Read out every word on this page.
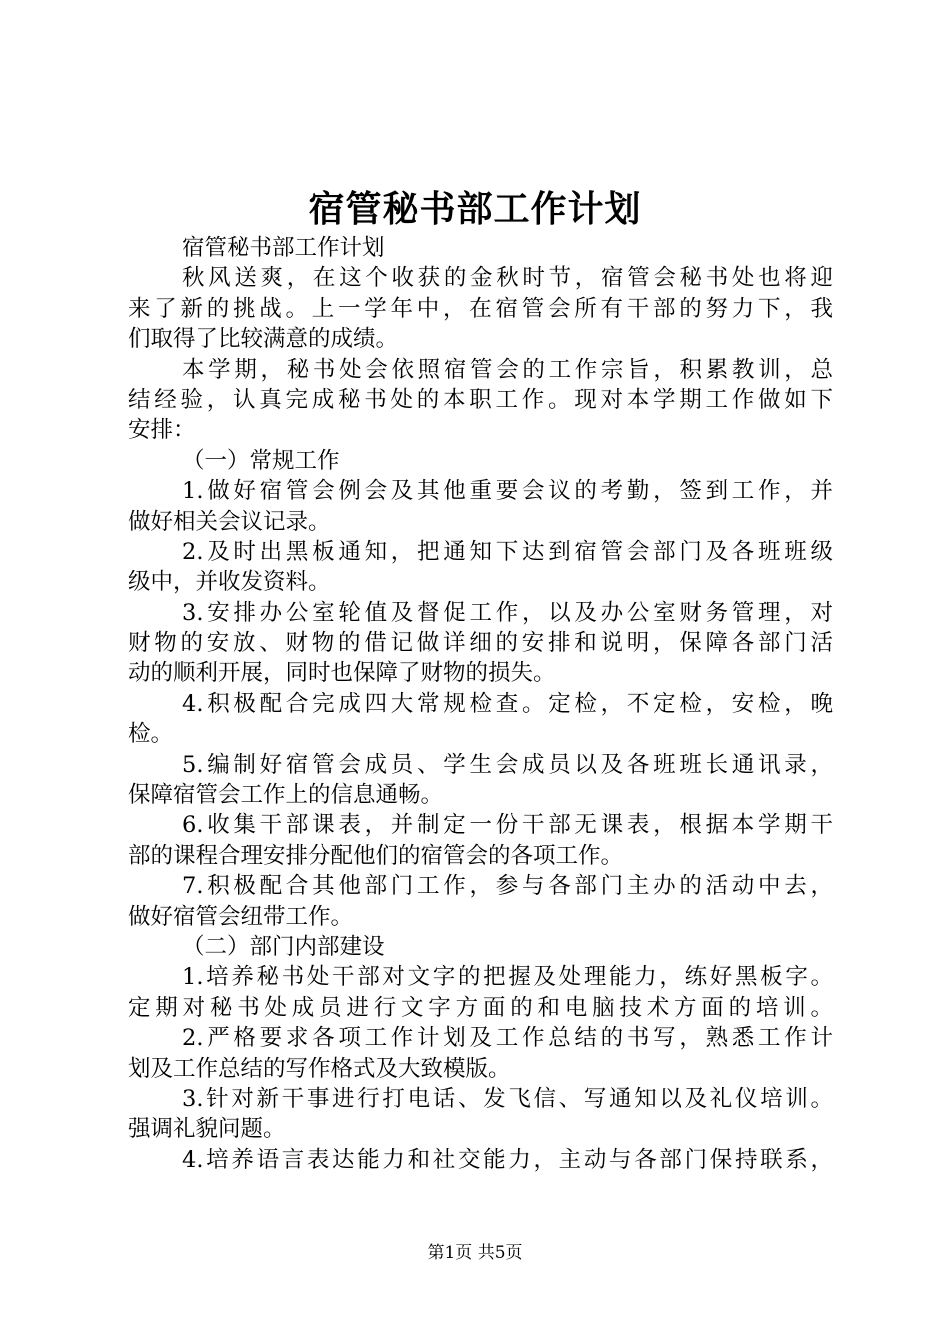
宿管秘书部工作计划
宿管秘书部工作计划
秋风送爽，在这个收获的金秋时节，宿管会秘书处也将迎
来了新的挑战。上一学年中，在宿管会所有干部的努力下，我
们取得了比较满意的成绩。
本学期，秘书处会依照宿管会的工作宗旨，积累教训，总
结经验，认真完成秘书处的本职工作。现对本学期工作做如下
安排：
（一）常规工作
1.做好宿管会例会及其他重要会议的考勤，签到工作，并
做好相关会议记录。
2.及时出黑板通知，把通知下达到宿管会部门及各班班级
级中，并收发资料。
3.安排办公室轮值及督促工作，以及办公室财务管理，对
财物的安放、财物的借记做详细的安排和说明，保障各部门活
动的顺利开展，同时也保障了财物的损失。
4.积极配合完成四大常规检查。定检，不定检，安检，晚
检。
5.编制好宿管会成员、学生会成员以及各班班长通讯录，
保障宿管会工作上的信息通畅。
6.收集干部课表，并制定一份干部无课表，根据本学期干
部的课程合理安排分配他们的宿管会的各项工作。
7.积极配合其他部门工作，参与各部门主办的活动中去，
做好宿管会纽带工作。
（二）部门内部建设
1.培养秘书处干部对文字的把握及处理能力，练好黑板字。
定期对秘书处成员进行文字方面的和电脑技术方面的培训。
2.严格要求各项工作计划及工作总结的书写，熟悉工作计
划及工作总结的写作格式及大致模版。
3.针对新干事进行打电话、发飞信、写通知以及礼仪培训。
强调礼貌问题。
4.培养语言表达能力和社交能力，主动与各部门保持联系，
第1页 共5页
